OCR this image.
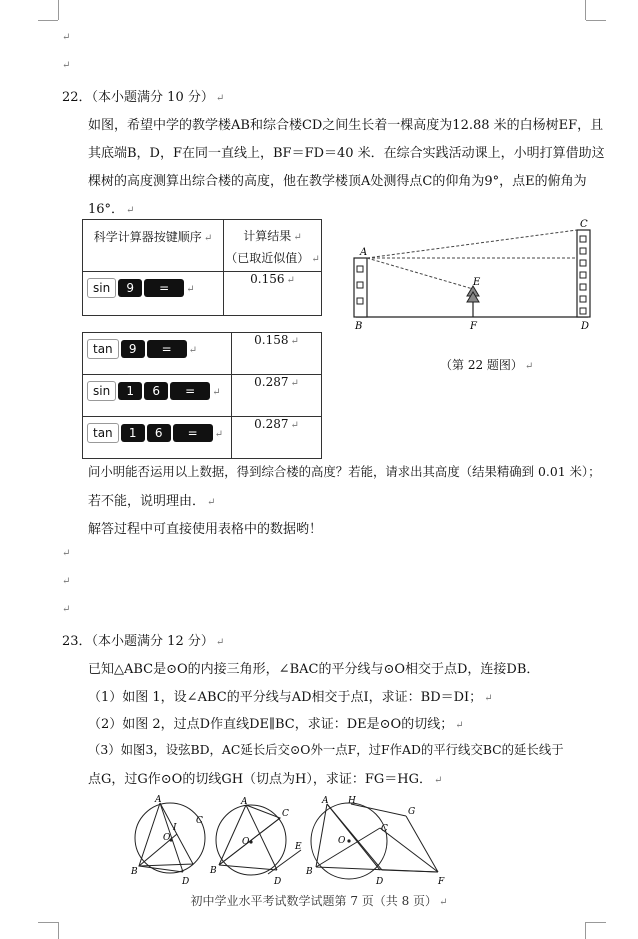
↵
↵
22．（本小题满分 10 分） ↵
如图，希望中学的教学楼AB和综合楼CD之间生长着一棵高度为12.88 米的白杨树EF，且
其底端B，D，F在同一直线上，BF＝FD＝40 米．在综合实践活动课上，小明打算借助这
棵树的高度测算出综合楼的高度，他在教学楼顶A处测得点C的仰角为9°，点E的俯角为
16°． ↵
科学计算器按键顺序 ↵	计算结果 ↵
（已取近似值） ↵
sin 9 = ↵	0.156 ↵
tan 9 = ↵	0.158 ↵
sin 1 6 = ↵	0.287 ↵
tan 1 6 = ↵	0.287 ↵
A
B
C
D
E
F
（第 22 题图） ↵
问小明能否运用以上数据，得到综合楼的高度？若能，请求出其高度（结果精确到 0.01 米）；
若不能，说明理由． ↵
解答过程中可直接使用表格中的数据哟！
↵
↵
↵
23．（本小题满分 12 分） ↵
已知△ABC是⊙O的内接三角形，∠BAC的平分线与⊙O相交于点D，连接DB．
（1）如图 1，设∠ABC的平分线与AD相交于点I，求证：BD＝DI； ↵
（2）如图 2，过点D作直线DE∥BC，求证：DE是⊙O的切线； ↵
（3）如图3，设弦BD，AC延长后交⊙O外一点F，过F作AD的平行线交BC的延长线于
点G，过G作⊙O的切线GH（切点为H），求证：FG＝HG． ↵
A
B
C
D
I
O
A
B
C
D
E
O
A H
B
C
D	F
G
O
初中学业水平考试数学试题第 7 页（共 8 页） ↵
